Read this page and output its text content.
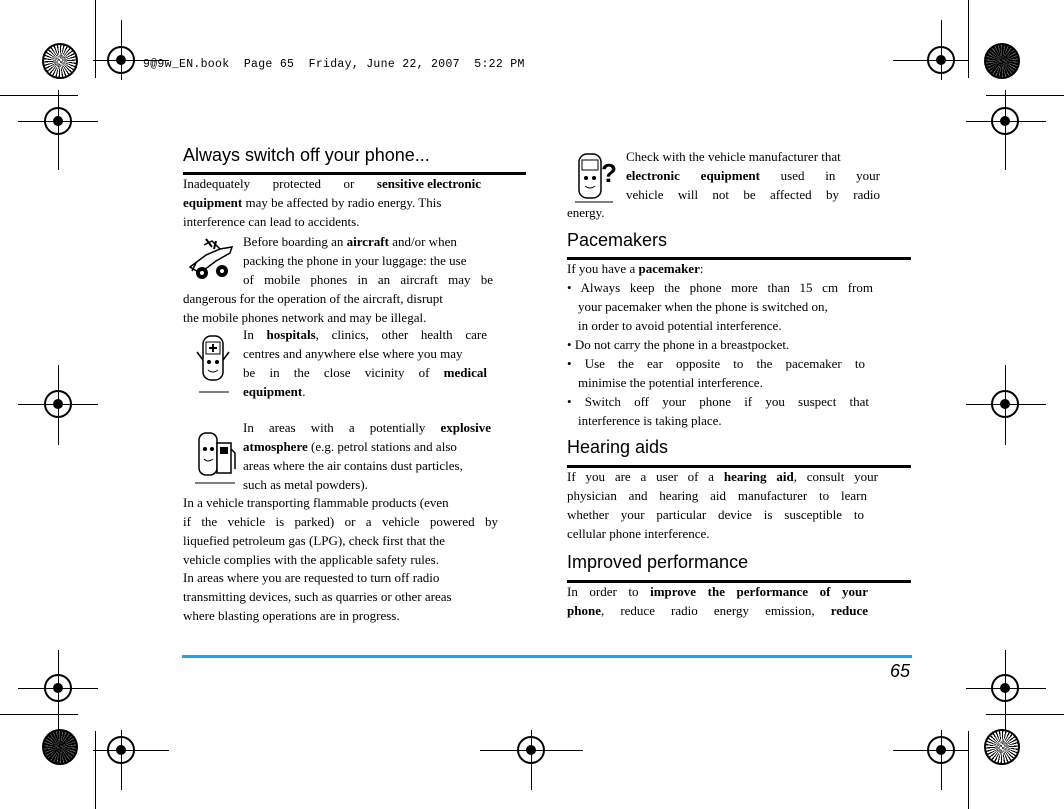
9@9w_EN.book  Page 65  Friday, June 22, 2007  5:22 PM
Always switch off your phone...
Inadequately protected or sensitive electronic
equipment may be affected by radio energy. This
interference can lead to accidents.
Before boarding an aircraft and/or when
packing the phone in your luggage: the use
of mobile phones in an aircraft may be
dangerous for the operation of the aircraft, disrupt
the mobile phones network and may be illegal.
In hospitals, clinics, other health care
centres and anywhere else where you may
be in the close vicinity of medical
equipment.
In areas with a potentially explosive
atmosphere (e.g. petrol stations and also
areas where the air contains dust particles,
such as metal powders).
In a vehicle transporting flammable products (even
if the vehicle is parked) or a vehicle powered by
liquefied petroleum gas (LPG), check first that the
vehicle complies with the applicable safety rules.
In areas where you are requested to turn off radio
transmitting devices, such as quarries or other areas
where blasting operations are in progress.
?
Check with the vehicle manufacturer that
electronic equipment used in your
vehicle will not be affected by radio
energy.
Pacemakers
If you have a pacemaker:
• Always keep the phone more than 15 cm from
your pacemaker when the phone is switched on,
in order to avoid potential interference.
• Do not carry the phone in a breastpocket.
• Use the ear opposite to the pacemaker to
minimise the potential interference.
• Switch off your phone if you suspect that
interference is taking place.
Hearing aids
If you are a user of a hearing aid, consult your
physician and hearing aid manufacturer to learn
whether your particular device is susceptible to
cellular phone interference.
Improved performance
In order to improve the performance of your
phone, reduce radio energy emission, reduce
65
